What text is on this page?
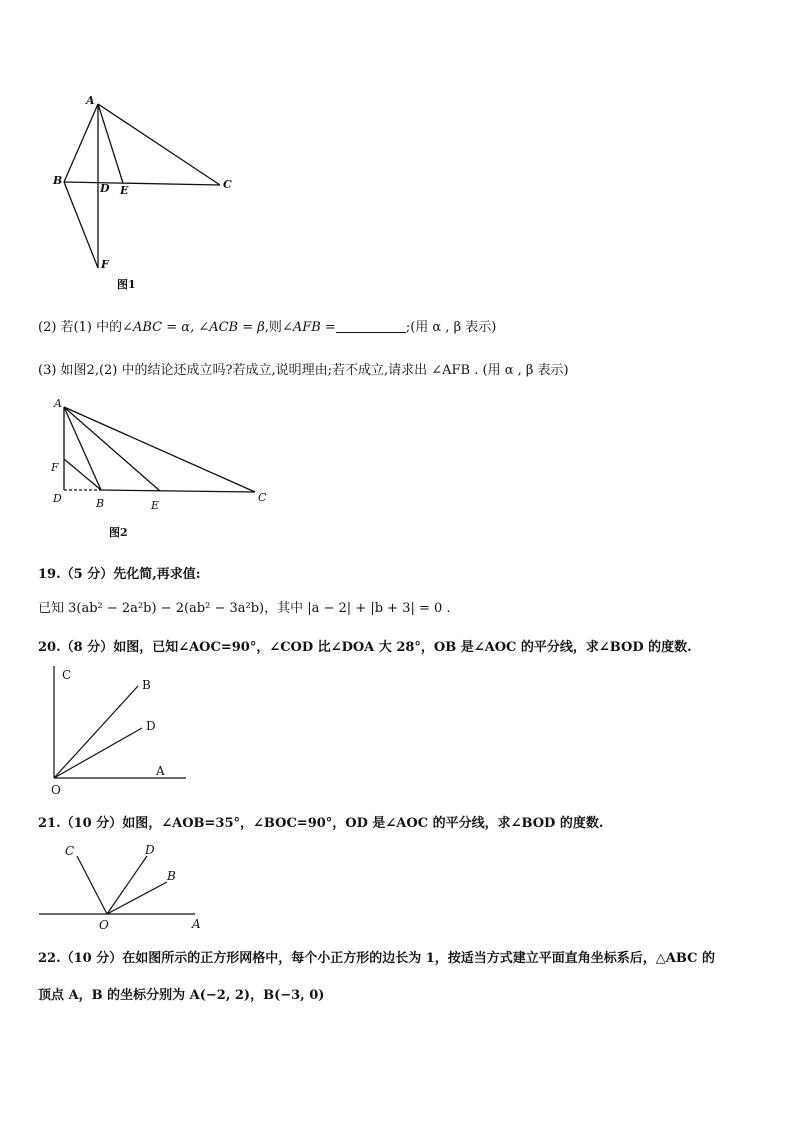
A
B	C
D E
F
图1
(2) 若(1) 中的∠ABC = α, ∠ACB = β,则∠AFB =	;(用 α , β 表示)
(3) 如图2,(2) 中的结论还成立吗?若成立,说明理由;若不成立,请求出 ∠AFB . (用 α , β 表示)
A
F
D	B	E
C
图2
19.（5 分）先化简,再求值:
已知 3(ab² − 2a²b) − 2(ab² − 3a²b)，其中 |a − 2| + |b + 3| = 0 .
20.（8 分）如图，已知∠AOC=90°，∠COD 比∠DOA 大 28°，OB 是∠AOC 的平分线，求∠BOD 的度数.
C
B
D
A
O
21.（10 分）如图，∠AOB=35°，∠BOC=90°，OD 是∠AOC 的平分线，求∠BOD 的度数.
C	D
B
O	A
22.（10 分）在如图所示的正方形网格中，每个小正方形的边长为 1，按适当方式建立平面直角坐标系后，△ABC 的
顶点 A，B 的坐标分别为 A(−2, 2)，B(−3, 0)
